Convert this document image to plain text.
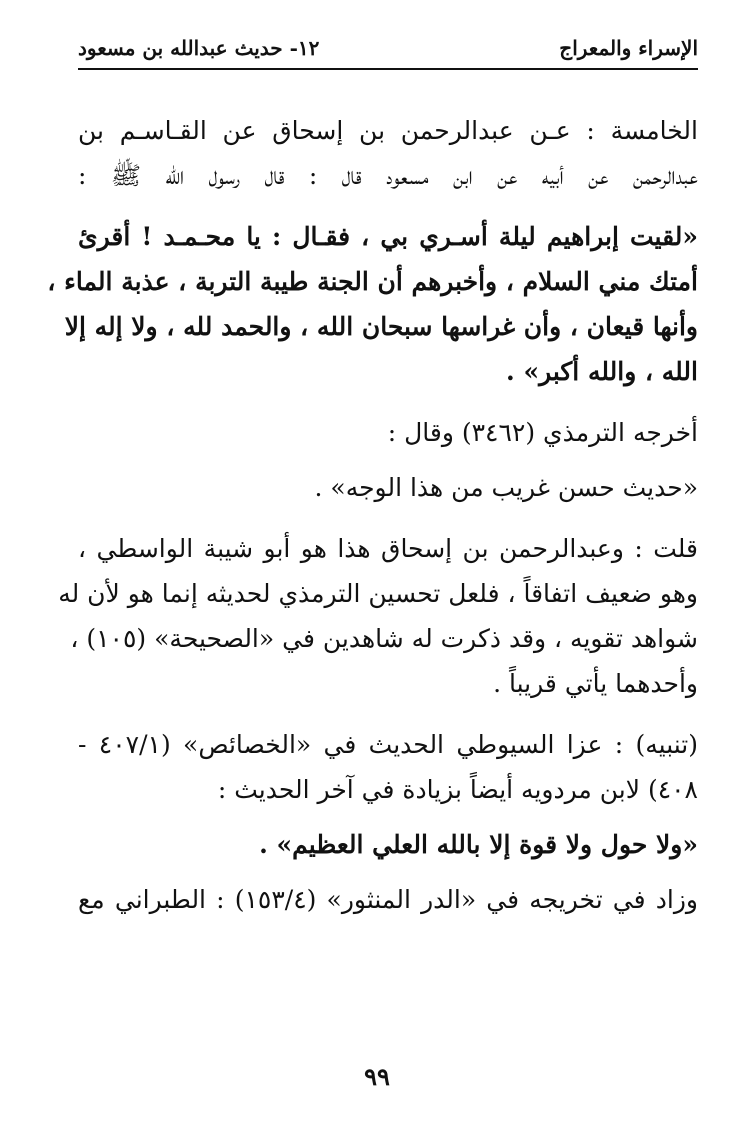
الإسراء والمعراج
١٢- حديث عبدالله بن مسعود
الخامسة : عـن عبدالرحمن بن إسحاق عن القـاسـم بن
عبدالرحمن عن أبيه عن ابن مسعود قال : قال رسول الله ﷺ :
«لقيت إبراهيم ليلة أسـري بي ، فقـال : يا محـمـد ! أقرئ
أمتك مني السلام ، وأخبرهم أن الجنة طيبة التربة ، عذبة الماء ،
وأنها قيعان ، وأن غراسها سبحان الله ، والحمد لله ، ولا إله إلا
الله ، والله أكبر» .
أخرجه الترمذي (٣٤٦٢) وقال :
«حديث حسن غريب من هذا الوجه» .
قلت : وعبدالرحمن بن إسحاق هذا هو أبو شيبة الواسطي ،
وهو ضعيف اتفاقاً ، فلعل تحسين الترمذي لحديثه إنما هو لأن له
شواهد تقويه ، وقد ذكرت له شاهدين في «الصحيحة» (١٠٥) ،
وأحدهما يأتي قريباً .
(تنبيه) : عزا السيوطي الحديث في «الخصائص» (٤٠٧/١ -
٤٠٨) لابن مردويه أيضاً بزيادة في آخر الحديث :
«ولا حول ولا قوة إلا بالله العلي العظيم» .
وزاد في تخريجه في «الدر المنثور» (١٥٣/٤) : الطبراني مع
٩٩
